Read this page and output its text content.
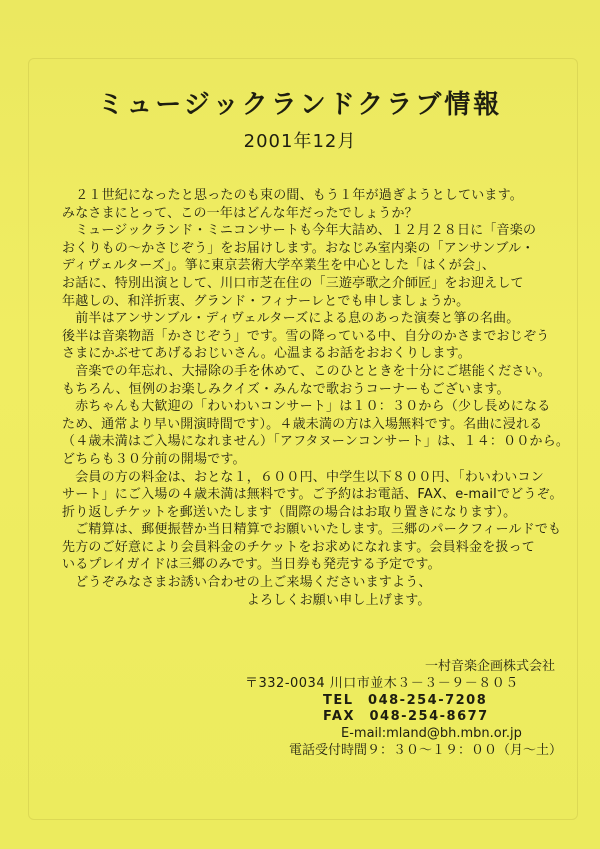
ミュージックランドクラブ情報
2001年12月

　２１世紀になったと思ったのも束の間、もう１年が過ぎようとしています。

みなさまにとって、この一年はどんな年だったでしょうか？

　ミュージックランド・ミニコンサートも今年大詰め、１２月２８日に「音楽の

おくりもの～かさじぞう」をお届けします。おなじみ室内楽の「アンサンブル・

ディヴェルターズ」。箏に東京芸術大学卒業生を中心とした「はくが会」、

お話に、特別出演として、川口市芝在住の「三遊亭歌之介師匠」をお迎えして

年越しの、和洋折衷、グランド・フィナーレとでも申しましょうか。

　前半はアンサンブル・ディヴェルターズによる息のあった演奏と箏の名曲。

後半は音楽物語「かさじぞう」です。雪の降っている中、自分のかさまでおじぞう

さまにかぶせてあげるおじいさん。心温まるお話をおおくりします。

　音楽での年忘れ、大掃除の手を休めて、このひとときを十分にご堪能ください。

もちろん、恒例のお楽しみクイズ・みんなで歌おうコーナーもございます。

　赤ちゃんも大歓迎の「わいわいコンサート」は１０：３０から（少し長めになる

ため、通常より早い開演時間です）。４歳未満の方は入場無料です。名曲に浸れる

（４歳未満はご入場になれません）「アフタヌーンコンサート」は、１４：００から。

どちらも３０分前の開場です。

　会員の方の料金は、おとな１，６００円、中学生以下８００円、「わいわいコン

サート」にご入場の４歳未満は無料です。ご予約はお電話、FAX、e-mailでどうぞ。

折り返しチケットを郵送いたします（間際の場合はお取り置きになります）。

　ご精算は、郵便振替か当日精算でお願いいたします。三郷のパークフィールドでも

先方のご好意により会員料金のチケットをお求めになれます。会員料金を扱って

いるプレイガイドは三郷のみです。当日券も発売する予定です。

　どうぞみなさまお誘い合わせの上ご来場くださいますよう、

　　　　　　　　　　　　　　よろしくお願い申し上げます。

一村音楽企画株式会社
〒332-0034 川口市並木３－３－９－８０５
TEL　048-254-7208
FAX　048-254-8677
E-mail:mland@bh.mbn.or.jp
電話受付時間９：３０～１９：００（月～土）
